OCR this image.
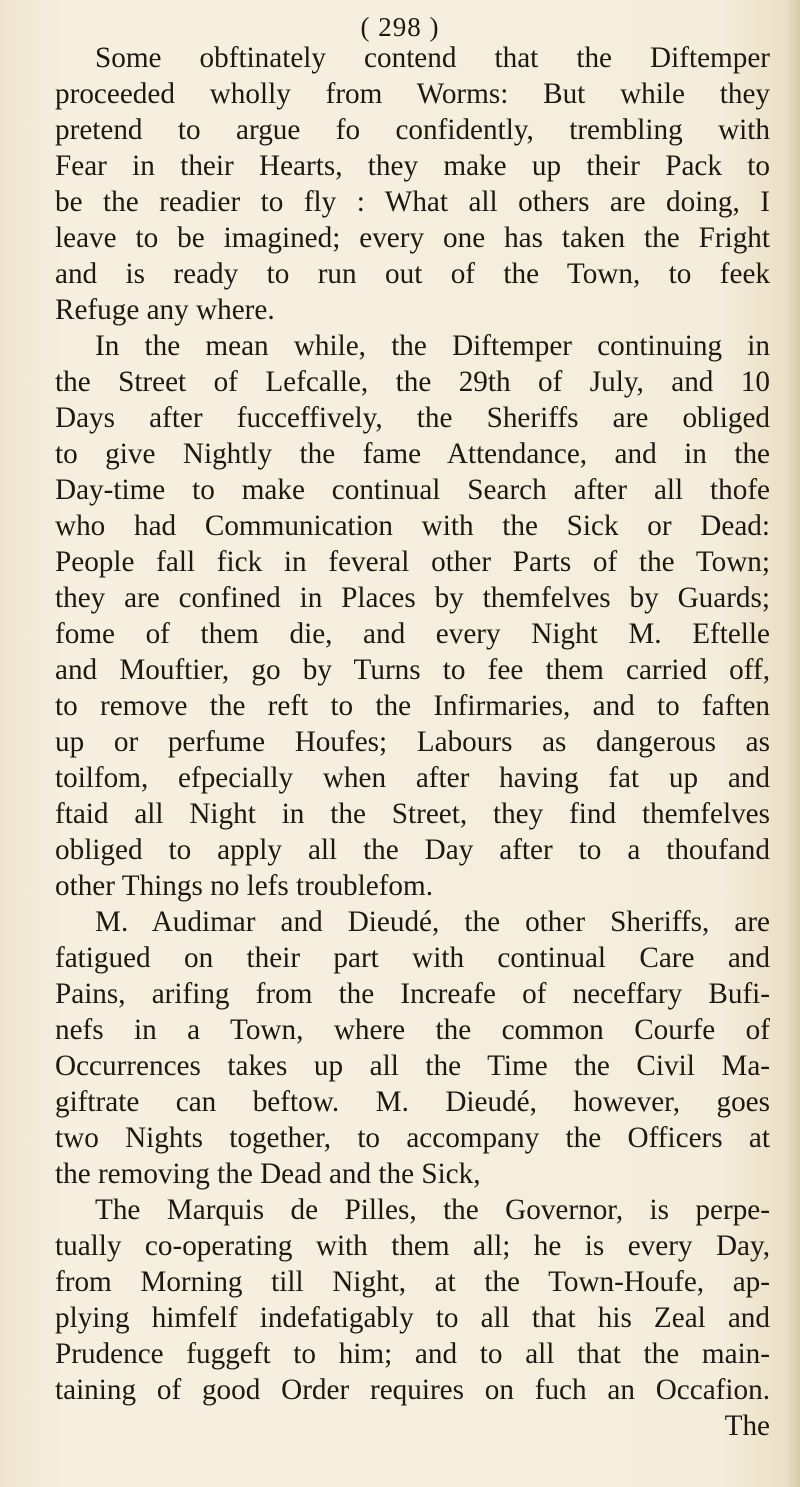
( 298 )
Some obftinately contend that the Diftemper
proceeded wholly from Worms: But while they
pretend to argue fo confidently, trembling with
Fear in their Hearts, they make up their Pack to
be the readier to fly : What all others are doing, I
leave to be imagined; every one has taken the Fright
and is ready to run out of the Town, to feek
Refuge any where.
In the mean while, the Diftemper continuing in
the Street of Lefcalle, the 29th of July, and 10
Days after fucceffively, the Sheriffs are obliged
to give Nightly the fame Attendance, and in the
Day-time to make continual Search after all thofe
who had Communication with the Sick or Dead:
People fall fick in feveral other Parts of the Town;
they are confined in Places by themfelves by Guards;
fome of them die, and every Night M. Eftelle
and Mouftier, go by Turns to fee them carried off,
to remove the reft to the Infirmaries, and to faften
up or perfume Houfes; Labours as dangerous as
toilfom, efpecially when after having fat up and
ftaid all Night in the Street, they find themfelves
obliged to apply all the Day after to a thoufand
other Things no lefs troublefom.
M. Audimar and Dieudé, the other Sheriffs, are
fatigued on their part with continual Care and
Pains, arifing from the Increafe of neceffary Bufi-
nefs in a Town, where the common Courfe of
Occurrences takes up all the Time the Civil Ma-
giftrate can beftow. M. Dieudé, however, goes
two Nights together, to accompany the Officers at
the removing the Dead and the Sick,
The Marquis de Pilles, the Governor, is perpe-
tually co-operating with them all; he is every Day,
from Morning till Night, at the Town-Houfe, ap-
plying himfelf indefatigably to all that his Zeal and
Prudence fuggeft to him; and to all that the main-
taining of good Order requires on fuch an Occafion.
The
